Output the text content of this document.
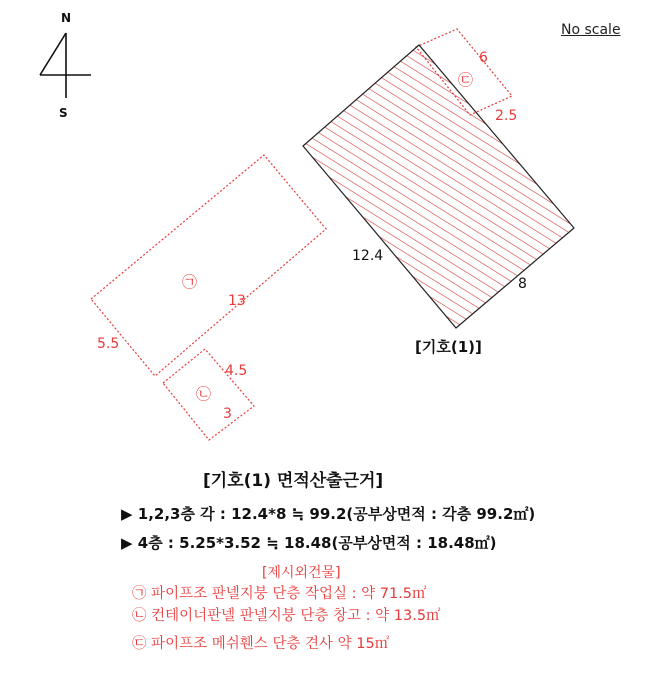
N
S
㉢
6
2.5
12.4
8
[기호(1)]
㉠
13
5.5
㉡
4.5
3
No scale
[기호(1) 면적산출근거]
▶ 1,2,3층 각 : 12.4*8 ≒ 99.2(공부상면적 : 각층 99.2㎡)
▶ 4층 : 5.25*3.52 ≒ 18.48(공부상면적 : 18.48㎡)
[제시외건물]
㉠ 파이프조 판넬지붕 단층 작업실 : 약 71.5㎡
㉡ 컨테이너판넬 판넬지붕 단층 창고 : 약 13.5㎡
㉢ 파이프조 메쉬휀스 단층 견사 약 15㎡
